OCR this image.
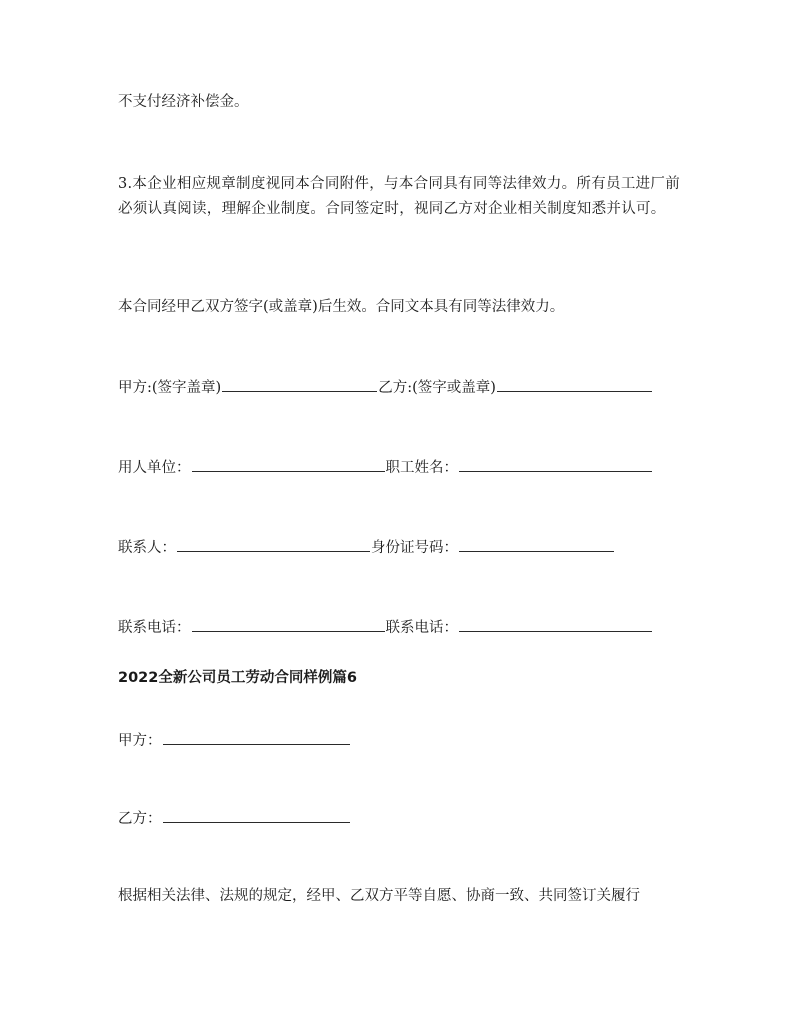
不支付经济补偿金。

3.本企业相应规章制度视同本合同附件，与本合同具有同等法律效力。所有员工进厂前必须认真阅读，理解企业制度。合同签定时，视同乙方对企业相关制度知悉并认可。

本合同经甲乙双方签字(或盖章)后生效。合同文本具有同等法律效力。

甲方:(签字盖章)	乙方:(签字或盖章)
用人单位：	职工姓名：
联系人：	身份证号码：
联系电话：	联系电话：
2022全新公司员工劳动合同样例篇6
甲方：
乙方：

根据相关法律、法规的规定，经甲、乙双方平等自愿、协商一致、共同签订关履行
